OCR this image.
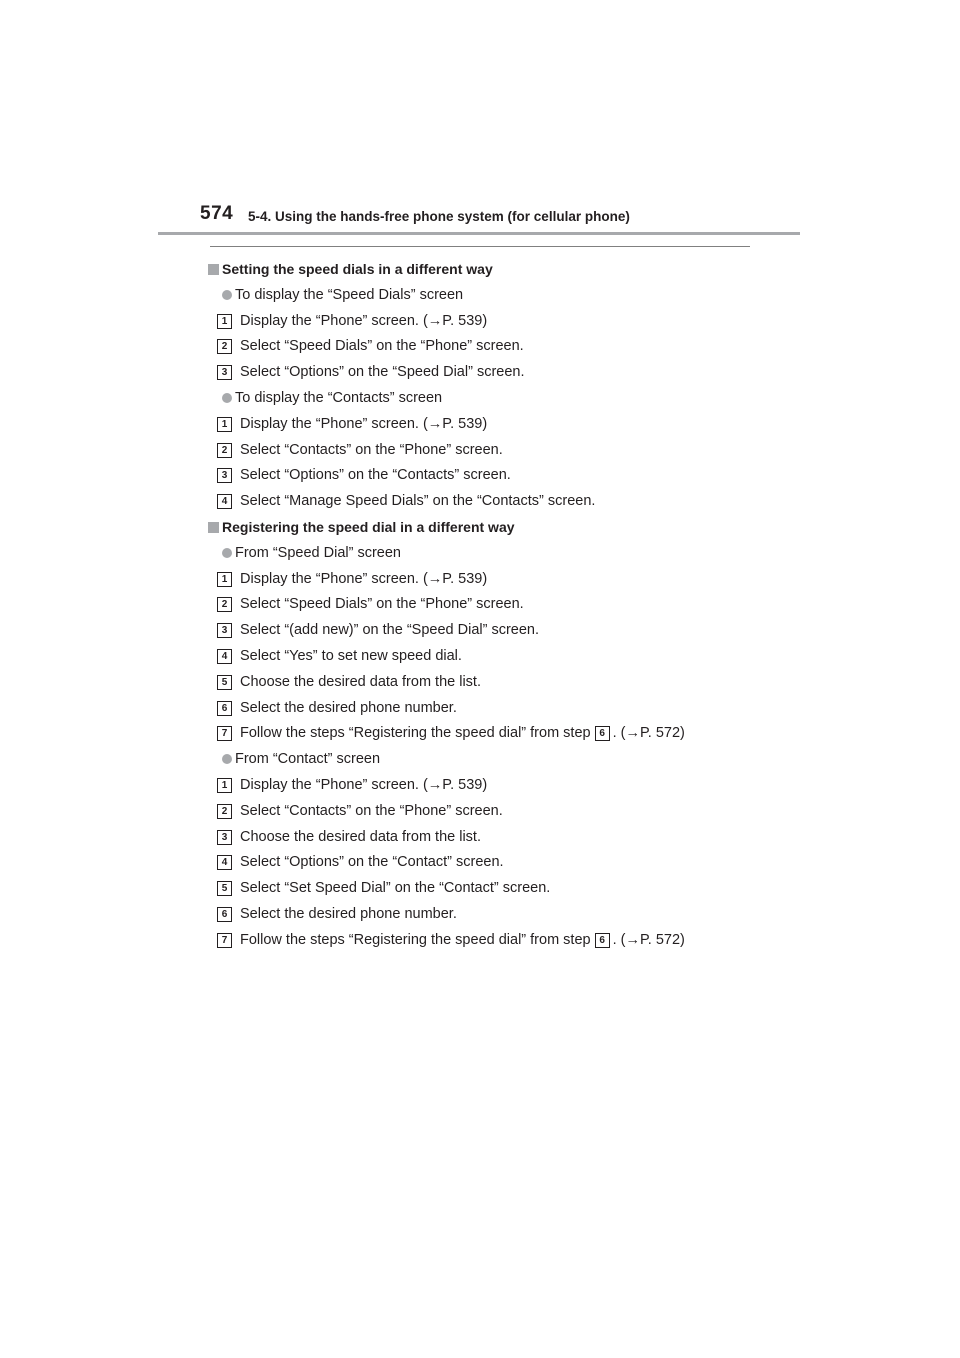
574 5-4. Using the hands-free phone system (for cellular phone)
Setting the speed dials in a different way
To display the “Speed Dials” screen
1 Display the “Phone” screen. (→P. 539)
2 Select “Speed Dials” on the “Phone” screen.
3 Select “Options” on the “Speed Dial” screen.
To display the “Contacts” screen
1 Display the “Phone” screen. (→P. 539)
2 Select “Contacts” on the “Phone” screen.
3 Select “Options” on the “Contacts” screen.
4 Select “Manage Speed Dials” on the “Contacts” screen.
Registering the speed dial in a different way
From “Speed Dial” screen
1 Display the “Phone” screen. (→P. 539)
2 Select “Speed Dials” on the “Phone” screen.
3 Select “(add new)” on the “Speed Dial” screen.
4 Select “Yes” to set new speed dial.
5 Choose the desired data from the list.
6 Select the desired phone number.
7 Follow the steps “Registering the speed dial” from step 6 . (→P. 572)
From “Contact” screen
1 Display the “Phone” screen. (→P. 539)
2 Select “Contacts” on the “Phone” screen.
3 Choose the desired data from the list.
4 Select “Options” on the “Contact” screen.
5 Select “Set Speed Dial” on the “Contact” screen.
6 Select the desired phone number.
7 Follow the steps “Registering the speed dial” from step 6 . (→P. 572)
